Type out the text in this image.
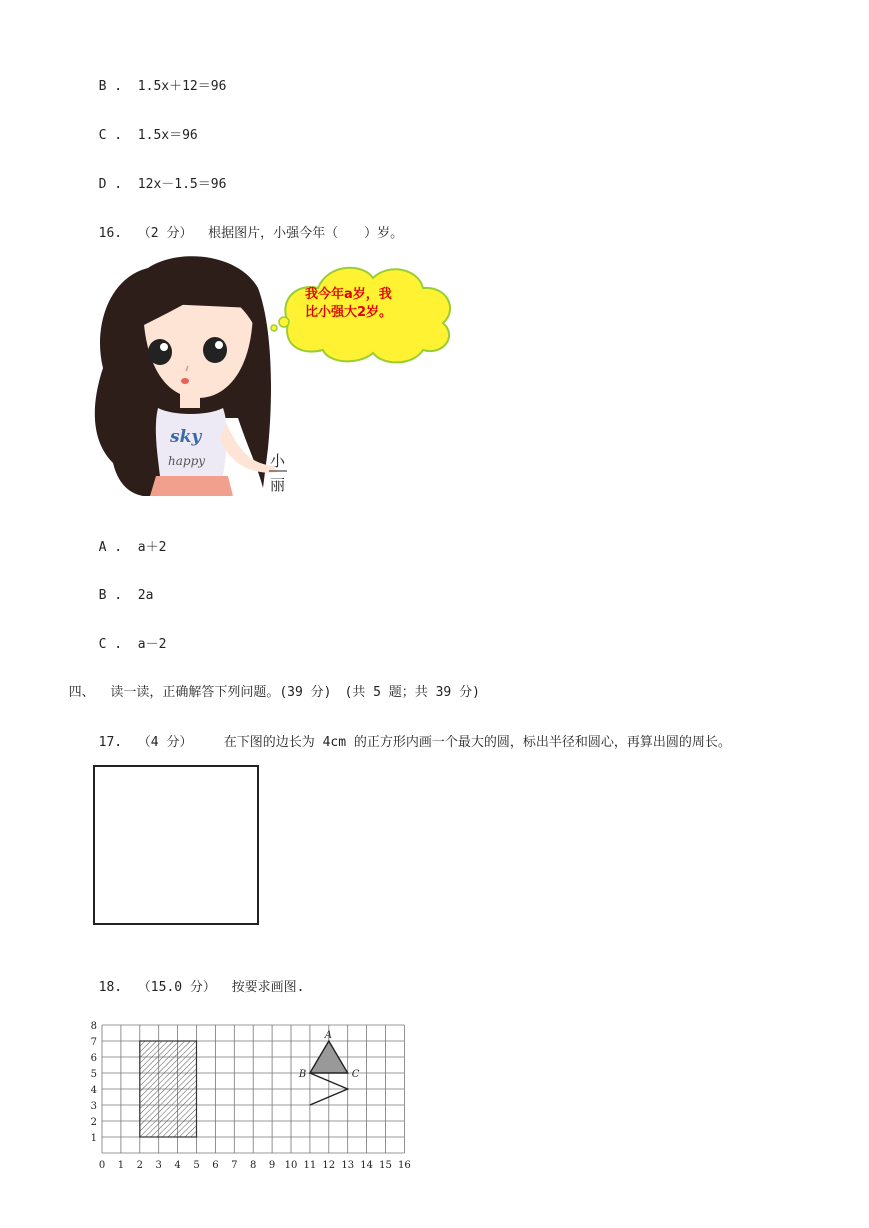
B .  1.5x＋12＝96

C .  1.5x＝96

D .  12x－1.5＝96

16. （2 分） 根据图片，小强今年（　　）岁。

我今年a岁，我
比小强大2岁。
sky
happy	小
丽

A .  a＋2

B .  2a

C .  a－2

四、 读一读，正确解答下列问题。(39 分)　(共 5 题；共 39 分)

17. （4 分） 在下图的边长为 4cm 的正方形内画一个最大的圆，标出半径和圆心，再算出圆的周长。

18. （15.0 分） 按要求画图.

0 1 2 3 4 5 6 7 8 9 10 11 12 13 14 15 16
1
2
3
4
5
6
7
8
A
B	C
